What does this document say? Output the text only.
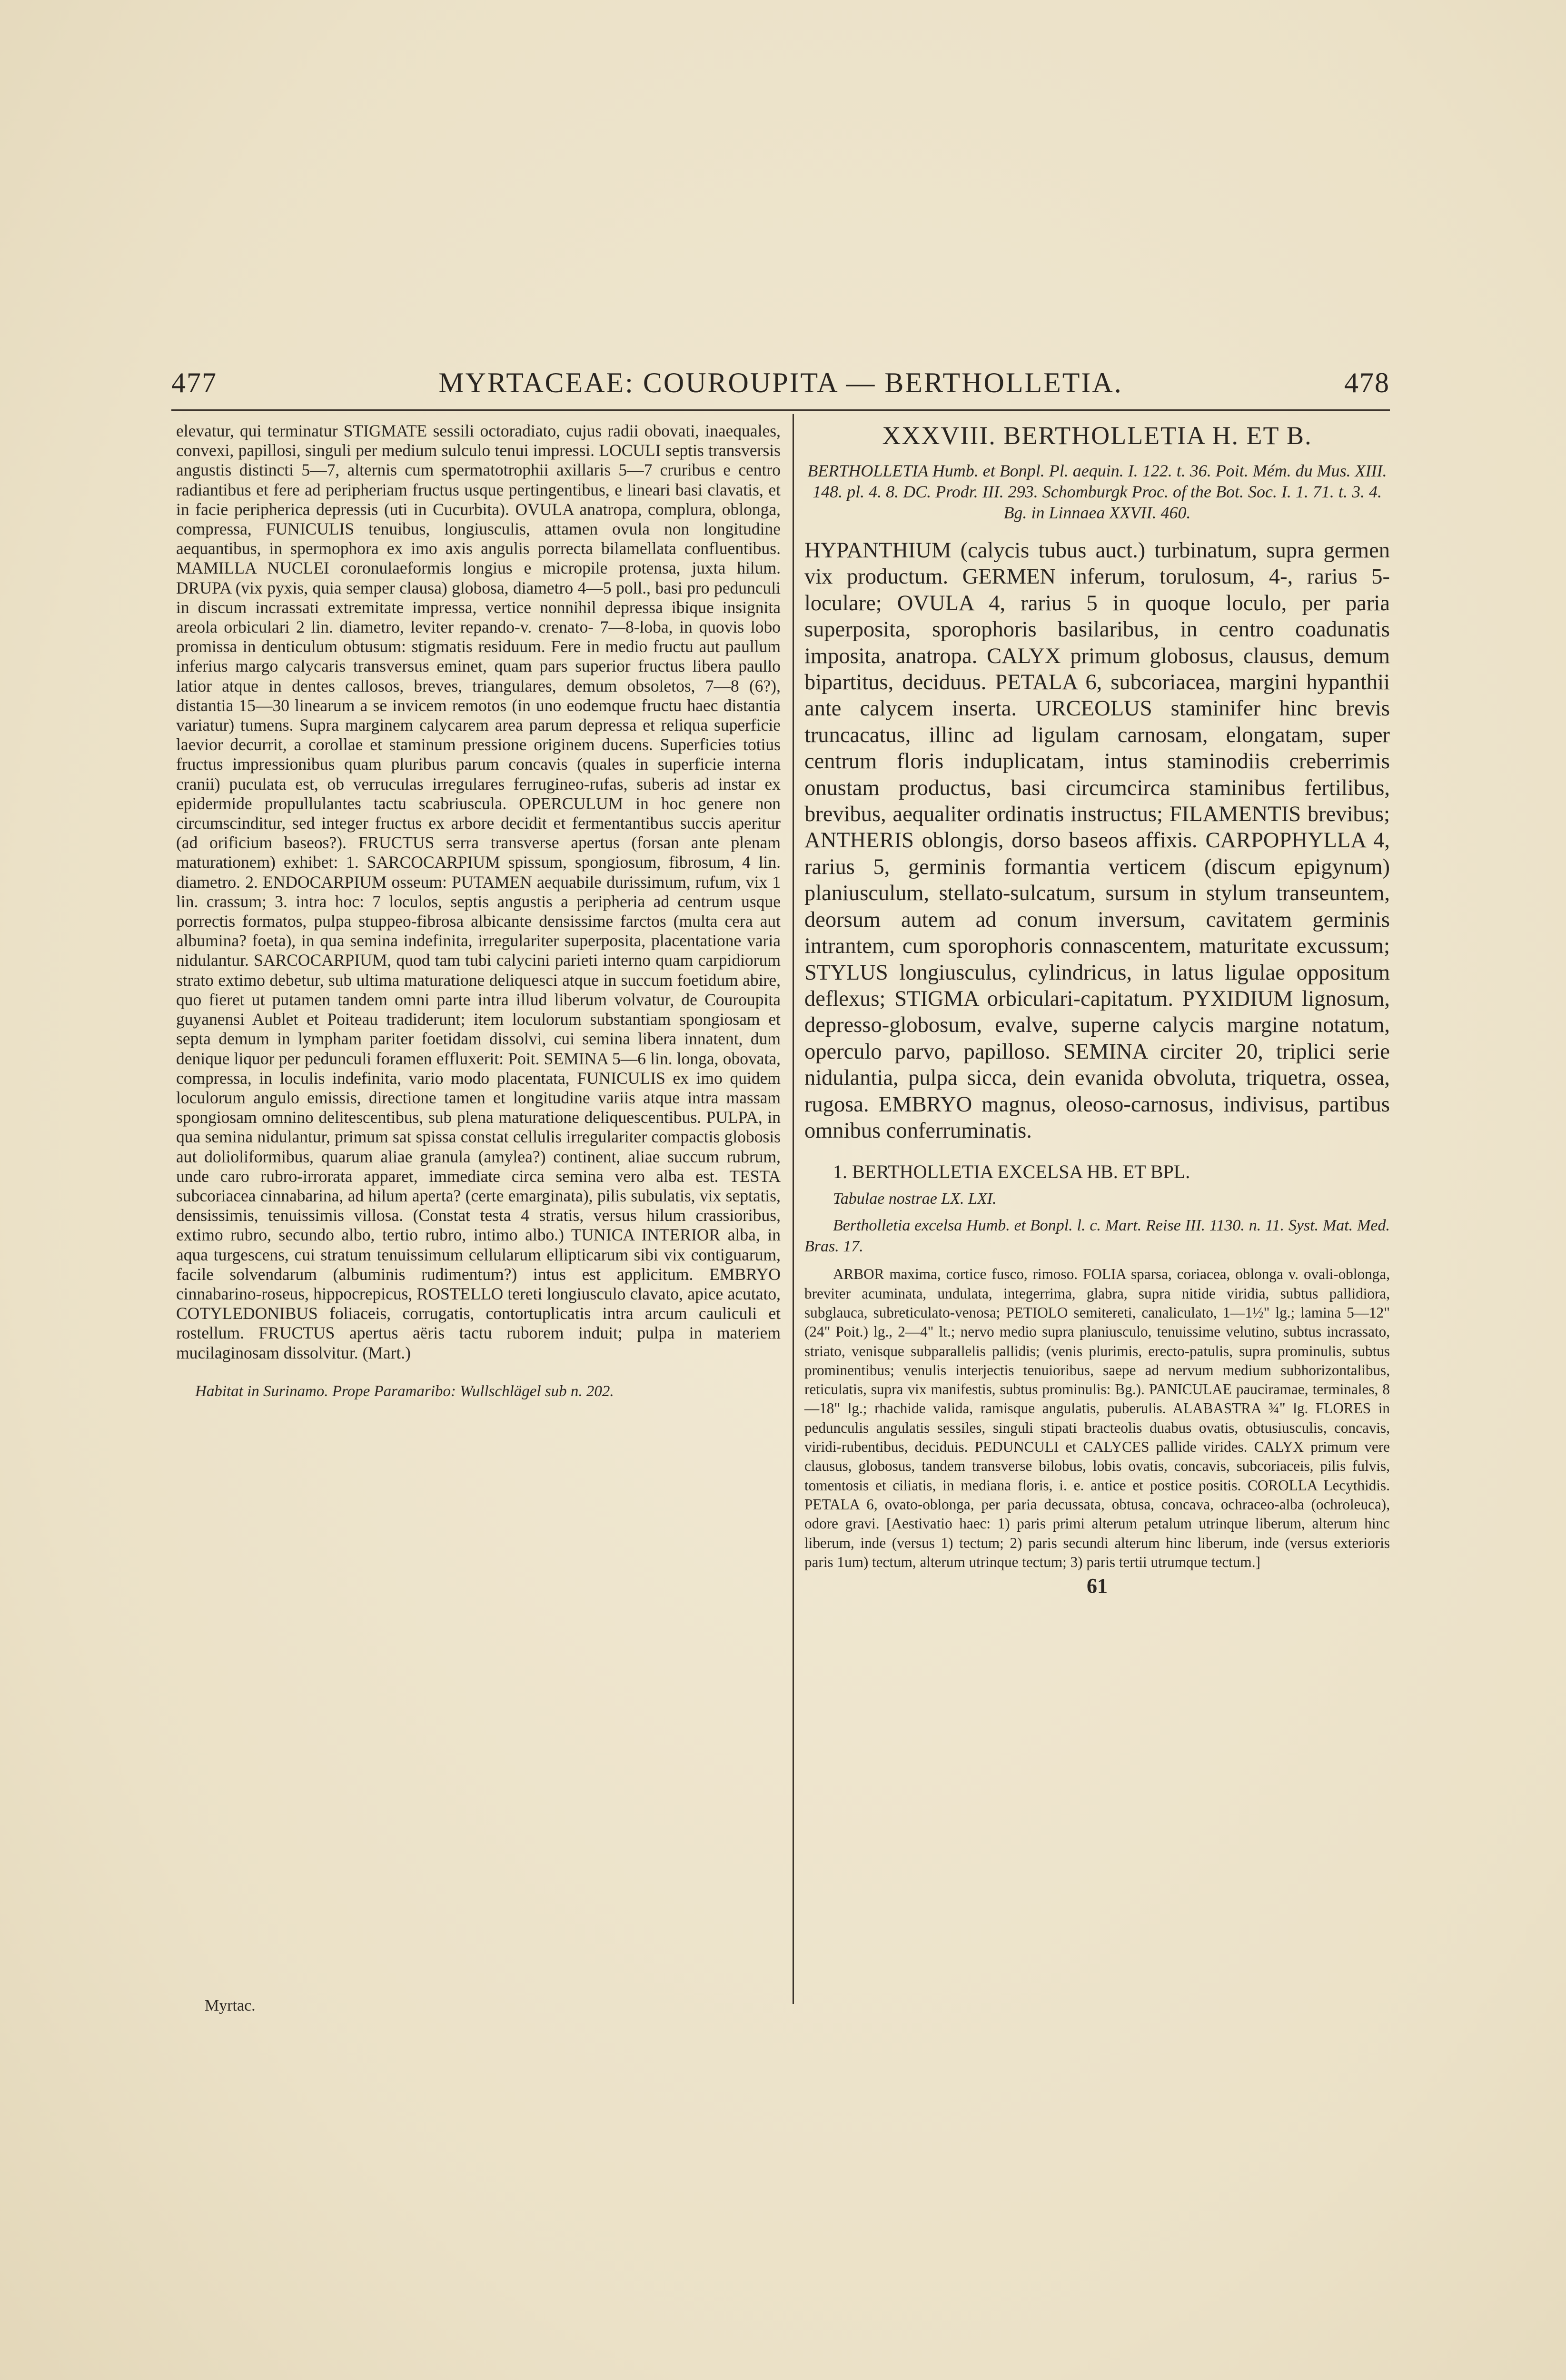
477	MYRTACEAE: COUROUPITA — BERTHOLLETIA.	478

elevatur, qui terminatur STIGMATE sessili octoradiato, cujus radii obovati, inaequales, convexi, papillosi, singuli per medium sulculo tenui impressi. LOCULI septis transversis angustis distincti 5—7, alternis cum spermatotrophii axillaris 5—7 cruribus e centro radiantibus et fere ad peripheriam fructus usque pertingentibus, e lineari basi clavatis, et in facie peripherica depressis (uti in Cucurbita). OVULA anatropa, complura, oblonga, compressa, FUNICULIS tenuibus, longiusculis, attamen ovula non longitudine aequantibus, in spermophora ex imo axis angulis porrecta bilamellata confluentibus. MAMILLA NUCLEI coronulaeformis longius e micropile protensa, juxta hilum. DRUPA (vix pyxis, quia semper clausa) globosa, diametro 4—5 poll., basi pro pedunculi in discum incrassati extremitate impressa, vertice nonnihil depressa ibique insignita areola orbiculari 2 lin. diametro, leviter repando-v. crenato- 7—8-loba, in quovis lobo promissa in denticulum obtusum: stigmatis residuum. Fere in medio fructu aut paullum inferius margo calycaris transversus eminet, quam pars superior fructus libera paullo latior atque in dentes callosos, breves, triangulares, demum obsoletos, 7—8 (6?), distantia 15—30 linearum a se invicem remotos (in uno eodemque fructu haec distantia variatur) tumens. Supra marginem calycarem area parum depressa et reliqua superficie laevior decurrit, a corollae et staminum pressione originem ducens. Superficies totius fructus impressionibus quam pluribus parum concavis (quales in superficie interna cranii) puculata est, ob verruculas irregulares ferrugineo-rufas, suberis ad instar ex epidermide propullulantes tactu scabriuscula. OPERCULUM in hoc genere non circumscinditur, sed integer fructus ex arbore decidit et fermentantibus succis aperitur (ad orificium baseos?). FRUCTUS serra transverse apertus (forsan ante plenam maturationem) exhibet: 1. SARCOCARPIUM spissum, spongiosum, fibrosum, 4 lin. diametro. 2. ENDOCARPIUM osseum: PUTAMEN aequabile durissimum, rufum, vix 1 lin. crassum; 3. intra hoc: 7 loculos, septis angustis a peripheria ad centrum usque porrectis formatos, pulpa stuppeo-fibrosa albicante densissime farctos (multa cera aut albumina? foeta), in qua semina indefinita, irregulariter superposita, placentatione varia nidulantur. SARCOCARPIUM, quod tam tubi calycini parieti interno quam carpidiorum strato extimo debetur, sub ultima maturatione deliquesci atque in succum foetidum abire, quo fieret ut putamen tandem omni parte intra illud liberum volvatur, de Couroupita guyanensi Aublet et Poiteau tradiderunt; item loculorum substantiam spongiosam et septa demum in lympham pariter foetidam dissolvi, cui semina libera innatent, dum denique liquor per pedunculi foramen effluxerit: Poit. SEMINA 5—6 lin. longa, obovata, compressa, in loculis indefinita, vario modo placentata, FUNICULIS ex imo quidem loculorum angulo emissis, directione tamen et longitudine variis atque intra massam spongiosam omnino delitescentibus, sub plena maturatione deliquescentibus. PULPA, in qua semina nidulantur, primum sat spissa constat cellulis irregulariter compactis globosis aut dolioliformibus, quarum aliae granula (amylea?) continent, aliae succum rubrum, unde caro rubro-irrorata apparet, immediate circa semina vero alba est. TESTA subcoriacea cinnabarina, ad hilum aperta? (certe emarginata), pilis subulatis, vix septatis, densissimis, tenuissimis villosa. (Constat testa 4 stratis, versus hilum crassioribus, extimo rubro, secundo albo, tertio rubro, intimo albo.) TUNICA INTERIOR alba, in aqua turgescens, cui stratum tenuissimum cellularum ellipticarum sibi vix contiguarum, facile solvendarum (albuminis rudimentum?) intus est applicitum. EMBRYO cinnabarino-roseus, hippocrepicus, ROSTELLO tereti longiusculo clavato, apice acutato, COTYLEDONIBUS foliaceis, corrugatis, contortuplicatis intra arcum cauliculi et rostellum. FRUCTUS apertus aëris tactu ruborem induit; pulpa in materiem mucilaginosam dissolvitur. (Mart.)

Habitat in Surinamo. Prope Paramaribo: Wullschlägel sub n. 202.

Myrtac.
XXXVIII. BERTHOLLETIA H. ET B.

BERTHOLLETIA Humb. et Bonpl. Pl. aequin. I. 122. t. 36. Poit. Mém. du Mus. XIII. 148. pl. 4. 8. DC. Prodr. III. 293. Schomburgk Proc. of the Bot. Soc. I. 1. 71. t. 3. 4. Bg. in Linnaea XXVII. 460.

HYPANTHIUM (calycis tubus auct.) turbinatum, supra germen vix productum. GERMEN inferum, torulosum, 4-, rarius 5-loculare; OVULA 4, rarius 5 in quoque loculo, per paria superposita, sporophoris basilaribus, in centro coadunatis imposita, anatropa. CALYX primum globosus, clausus, demum bipartitus, deciduus. PETALA 6, subcoriacea, margini hypanthii ante calycem inserta. URCEOLUS staminifer hinc brevis truncacatus, illinc ad ligulam carnosam, elongatam, super centrum floris induplicatam, intus staminodiis creberrimis onustam productus, basi circumcirca staminibus fertilibus, brevibus, aequaliter ordinatis instructus; FILAMENTIS brevibus; ANTHERIS oblongis, dorso baseos affixis. CARPOPHYLLA 4, rarius 5, germinis formantia verticem (discum epigynum) planiusculum, stellato-sulcatum, sursum in stylum transeuntem, deorsum autem ad conum inversum, cavitatem germinis intrantem, cum sporophoris connascentem, maturitate excussum; STYLUS longiusculus, cylindricus, in latus ligulae oppositum deflexus; STIGMA orbiculari-capitatum. PYXIDIUM lignosum, depresso-globosum, evalve, superne calycis margine notatum, operculo parvo, papilloso. SEMINA circiter 20, triplici serie nidulantia, pulpa sicca, dein evanida obvoluta, triquetra, ossea, rugosa. EMBRYO magnus, oleoso-carnosus, indivisus, partibus omnibus conferruminatis.

1. BERTHOLLETIA EXCELSA HB. ET BPL.

Tabulae nostrae LX. LXI.

Bertholletia excelsa Humb. et Bonpl. l. c. Mart. Reise III. 1130. n. 11. Syst. Mat. Med. Bras. 17.

ARBOR maxima, cortice fusco, rimoso. FOLIA sparsa, coriacea, oblonga v. ovali-oblonga, breviter acuminata, undulata, integerrima, glabra, supra nitide viridia, subtus pallidiora, subglauca, subreticulato-venosa; PETIOLO semitereti, canaliculato, 1—1½" lg.; lamina 5—12" (24" Poit.) lg., 2—4" lt.; nervo medio supra planiusculo, tenuissime velutino, subtus incrassato, striato, venisque subparallelis pallidis; (venis plurimis, erecto-patulis, supra prominulis, subtus prominentibus; venulis interjectis tenuioribus, saepe ad nervum medium subhorizontalibus, reticulatis, supra vix manifestis, subtus prominulis: Bg.). PANICULAE pauciramae, terminales, 8—18" lg.; rhachide valida, ramisque angulatis, puberulis. ALABASTRA ¾" lg. FLORES in pedunculis angulatis sessiles, singuli stipati bracteolis duabus ovatis, obtusiusculis, concavis, viridi-rubentibus, deciduis. PEDUNCULI et CALYCES pallide virides. CALYX primum vere clausus, globosus, tandem transverse bilobus, lobis ovatis, concavis, subcoriaceis, pilis fulvis, tomentosis et ciliatis, in mediana floris, i. e. antice et postice positis. COROLLA Lecythidis. PETALA 6, ovato-oblonga, per paria decussata, obtusa, concava, ochraceo-alba (ochroleuca), odore gravi. [Aestivatio haec: 1) paris primi alterum petalum utrinque liberum, alterum hinc liberum, inde (versus 1) tectum; 2) paris secundi alterum hinc liberum, inde (versus exterioris paris 1um) tectum, alterum utrinque tectum; 3) paris tertii utrumque tectum.]

61
